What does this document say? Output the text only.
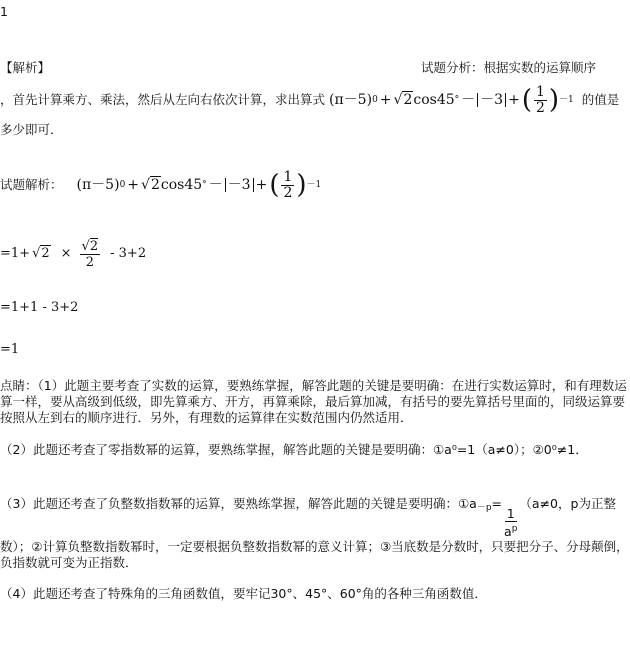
1
【解析】	试题分析：根据实数的运算顺序
，首先计算乘方、乘法，然后从左向右依次计算，求出算式 ( π－5 ) 0 + √2 cos45 ° － －3 + ( $\frac{1}{2}$ ) －1 的值是
多少即可．
试题解析： ( π－5 ) 0 + √2 cos45 ° － －3 + ( $\frac{1}{2}$ ) －1
$=1+ √2 \times \frac{√2}{2} - 3+2$
=1+1 - 3+2
=1
点睛：（1）此题主要考查了实数的运算，要熟练掌握，解答此题的关键是要明确：在进行实数运算时，和有理数运算一样，要从高级到低级，即先算乘方、开方，再算乘除，最后算加减，有括号的要先算括号里面的，同级运算要按照从左到右的顺序进行．另外，有理数的运算律在实数范围内仍然适用．
（2）此题还考查了零指数幂的运算，要熟练掌握，解答此题的关键是要明确：①a⁰=1（a≠0）；②0⁰≠1．
（3）此题还考查了负整数指数幂的运算，要熟练掌握，解答此题的关键是要明确：①a－p=
$\frac{1}{a^p}$
（a≠0，p为正整数）；②计算负整数指数幂时，一定要根据负整数指数幂的意义计算；③当底数是分数时，只要把分子、分母颠倒，负指数就可变为正指数．
（4）此题还考查了特殊角的三角函数值，要牢记30°、45°、60°角的各种三角函数值．
